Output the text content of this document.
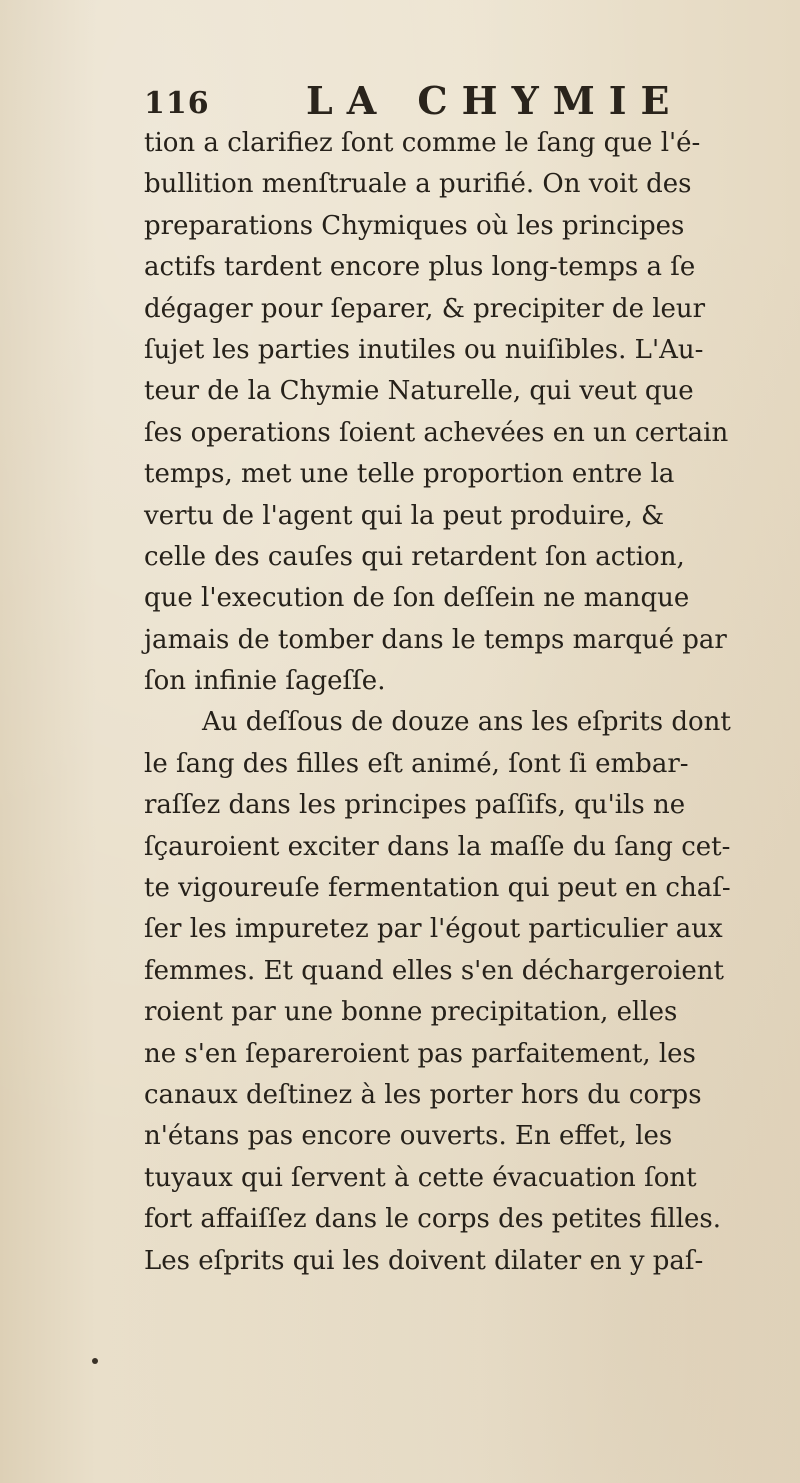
116	LA CHYMIE
tion a clarifiez ſont comme le ſang que l'é-
bullition menſtruale a purifié. On voit des
preparations Chymiques où les principes
actifs tardent encore plus long-temps a ſe
dégager pour ſeparer, & precipiter de leur
ſujet les parties inutiles ou nuiſibles. L'Au-
teur de la Chymie Naturelle, qui veut que
ſes operations ſoient achevées en un certain
temps, met une telle proportion entre la
vertu de l'agent qui la peut produire, &
celle des cauſes qui retardent ſon action,
que l'execution de ſon deſſein ne manque
jamais de tomber dans le temps marqué par
ſon infinie ſageſſe.
Au deſſous de douze ans les eſprits dont
le ſang des filles eſt animé, ſont ſi embar-
raſſez dans les principes paſſifs, qu'ils ne
ſçauroient exciter dans la maſſe du ſang cet-
te vigoureuſe fermentation qui peut en chaſ-
ſer les impuretez par l'égout particulier aux
femmes. Et quand elles s'en déchargeroient
roient par une bonne precipitation, elles
ne s'en ſepareroient pas parfaitement, les
canaux deſtinez à les porter hors du corps
n'étans pas encore ouverts. En effet, les
tuyaux qui ſervent à cette évacuation ſont
fort affaiſſez dans le corps des petites filles.
Les eſprits qui les doivent dilater en y paſ-
